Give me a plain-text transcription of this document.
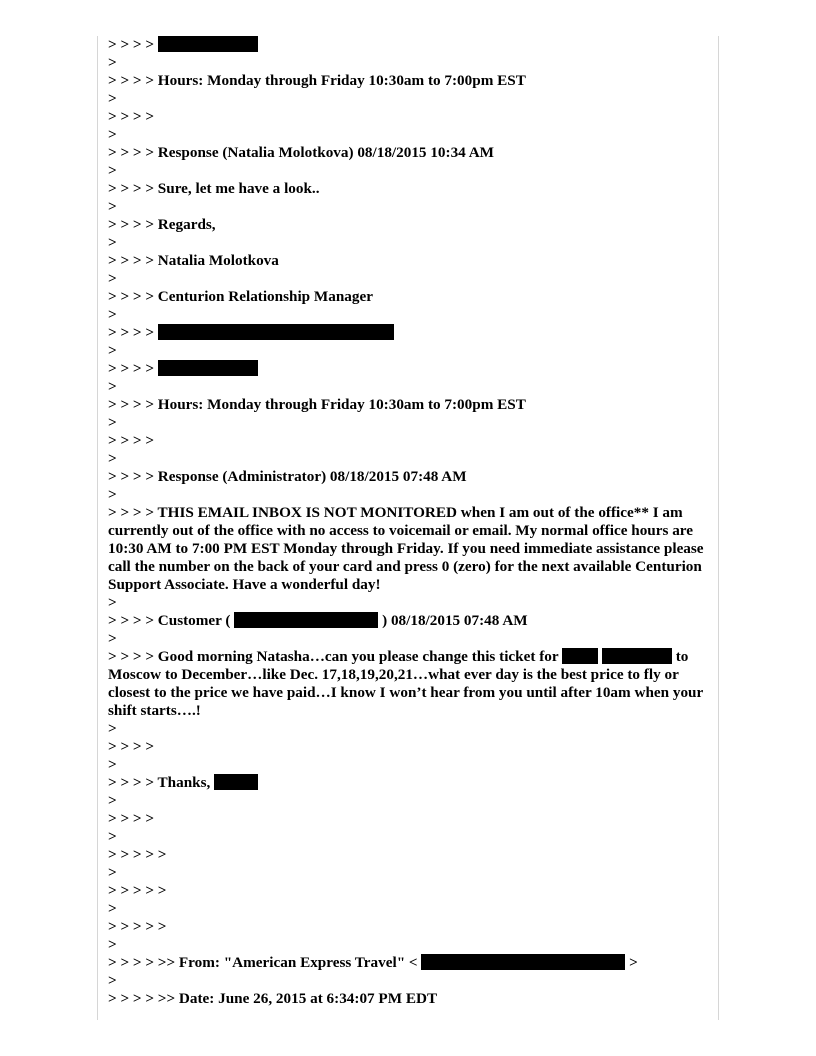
> > > >
>
> > > > Hours: Monday through Friday 10:30am to 7:00pm EST
>
> > > >
>
> > > > Response (Natalia Molotkova) 08/18/2015 10:34 AM
>
> > > > Sure, let me have a look..
>
> > > > Regards,
>
> > > > Natalia Molotkova
>
> > > > Centurion Relationship Manager
>
> > > >
>
> > > >
>
> > > > Hours: Monday through Friday 10:30am to 7:00pm EST
>
> > > >
>
> > > > Response (Administrator) 08/18/2015 07:48 AM
>
> > > > THIS EMAIL INBOX IS NOT MONITORED when I am out of the office** I am currently out of the office with no access to voicemail or email. My normal office hours are 10:30 AM to 7:00 PM EST Monday through Friday. If you need immediate assistance please call the number on the back of your card and press 0 (zero) for the next available Centurion Support Associate. Have a wonderful day!
>
> > > > Customer (	) 08/18/2015 07:48 AM
>
> > > > Good morning Natasha…can you please change this ticket for	to Moscow to December…like Dec. 17,18,19,20,21…what ever day is the best price to fly or closest to the price we have paid…I know I won’t hear from you until after 10am when your shift starts….!
>
> > > >
>
> > > > Thanks,
>
> > > >
>
> > > > >
>
> > > > >
>
> > > > >
>
> > > > >> From: "American Express Travel" <	>
>
> > > > >> Date: June 26, 2015 at 6:34:07 PM EDT
